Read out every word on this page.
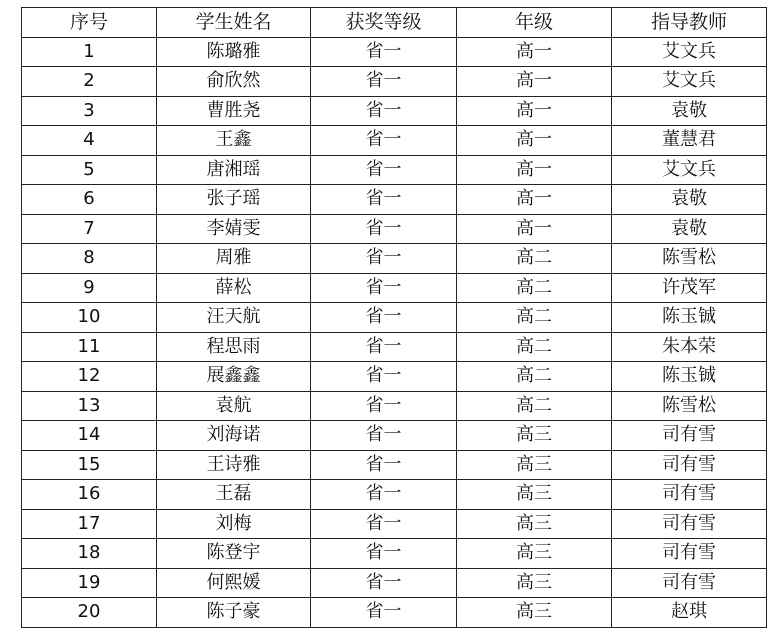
序号	学生姓名	获奖等级	年级	指导教师
1	陈璐雅	省一	高一	艾文兵
2	俞欣然	省一	高一	艾文兵
3	曹胜尧	省一	高一	袁敬
4	王鑫	省一	高一	董慧君
5	唐湘瑶	省一	高一	艾文兵
6	张子瑶	省一	高一	袁敬
7	李婧雯	省一	高一	袁敬
8	周雅	省一	高二	陈雪松
9	薛松	省一	高二	许茂军
10	汪天航	省一	高二	陈玉铖
11	程思雨	省一	高二	朱本荣
12	展鑫鑫	省一	高二	陈玉铖
13	袁航	省一	高二	陈雪松
14	刘海诺	省一	高三	司有雪
15	王诗雅	省一	高三	司有雪
16	王磊	省一	高三	司有雪
17	刘梅	省一	高三	司有雪
18	陈登宇	省一	高三	司有雪
19	何熙媛	省一	高三	司有雪
20	陈子豪	省一	高三	赵琪
